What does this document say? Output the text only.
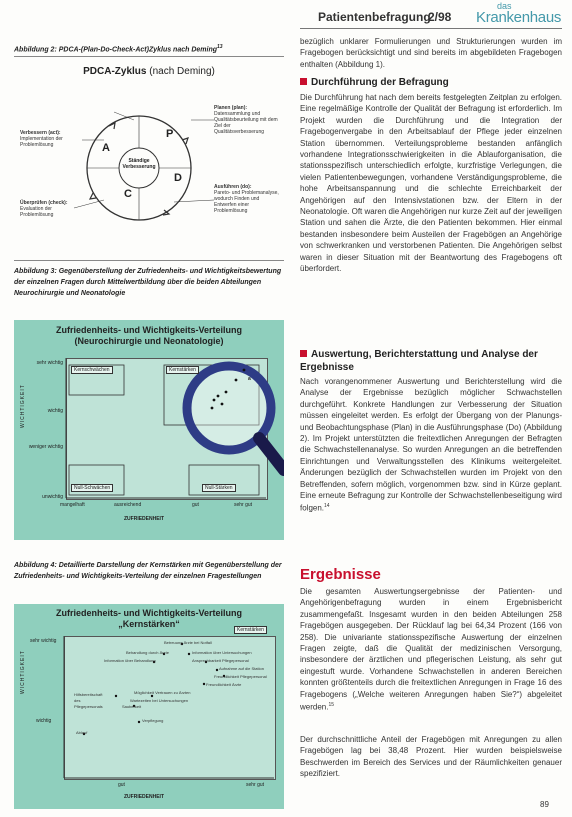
Patientenbefragung
2/98
das
Krankenhaus
Abbildung 2: PDCA-(Plan-Do-Check-Act)Zyklus nach Deming$^{13}$
PDCA-Zyklus (nach Deming)
Ständige Verbesserung
P
D
C
A
Planen (plan):
Datensammlung und Qualitätsbeurteilung mit dem Ziel der Qualitätsverbesserung
Verbessern (act):
Implementation der Problemlösung
Ausführen (do):
Pareto- und Problemanalyse, wodurch Finden und Entwerfen einer Problemlösung
Überprüfen (check):
Evaluation der Problemlösung
Abbildung 3: Gegenüberstellung der Zufriedenheits- und Wichtigkeitsbewertung der einzelnen Fragen durch Mittelwertbildung über die beiden Abteilungen Neurochirurgie und Neonatologie
Zufriedenheits- und Wichtigkeits-Verteilung
(Neurochirurgie und Neonatologie)
sehr wichtig
wichtig
weniger wichtig
unwichtig
WICHTIGKEIT
mangelhaft	ausreichend	gut	sehr gut
ZUFRIEDENHEIT
Kernschwächen	Kernstärken
Null-Schwächen	Null-Stärken
a
Abbildung 4: Detaillierte Darstellung der Kernstärken mit Gegenüberstellung der Zufriedenheits- und Wichtigkeits-Verteilung der einzelnen Fragestellungen
Zufriedenheits- und Wichtigkeits-Verteilung
„Kernstärken“
Kernstärken
sehr wichtig
wichtig
WICHTIGKEIT
gut	sehr gut
ZUFRIEDENHEIT
Betreuung Ärzte bei Notfall
Behandlung durch Ärzte	Information über Untersuchungen
Information über Behandlung	Ansprechbarkeit Pflegepersonal
Aufnahme auf die Station
Freundlichkeit Pflegepersonal
Freundlichkeit Ärzte
Möglichkeit Vertrauen zu Ärzten
Wartezeiten bei Untersuchungen
Hilfsbereitschaft des Pflegepersonals	Sauberkeit
Verpflegung
Ablauf
bezüglich unklarer Formulierungen und Strukturierungen wurden im Fragebogen berücksichtigt und sind bereits im abgebildeten Fragebogen enthalten (Abbildung 1).
Durchführung der Befragung
Die Durchführung hat nach dem bereits festgelegten Zeitplan zu erfolgen. Eine regelmäßige Kontrolle der Qualität der Befragung ist erforderlich. Im Projekt wurden die Durchführung und die Integration der Fragebogenvergabe in den Arbeitsablauf der Pflege jeder einzelnen Station übernommen. Verteilungsprobleme bestanden anfänglich vorhandene Integrationsschwierigkeiten in die Ablauforganisation, die stationsspezifisch unterschiedlich erfolgte, kurzfristige Verlegungen, die vielen Patientenbewegungen, vorhandene Verständigungsprobleme, die hohe Arbeitsanspannung und die schlechte Erreichbarkeit der Angehörigen auf den Intensivstationen bzw. der Eltern in der Neonatologie. Oft waren die Angehörigen nur kurze Zeit auf der jeweiligen Station und sahen die Ärzte, die den Patienten bekommen. Hier einmal bestanden insbesondere beim Austeilen der Fragebögen an Angehörige von schwerkranken und verstorbenen Patienten. Die Angehörigen selbst waren in dieser Situation mit der Beantwortung des Fragebogens oft überfordert.
Auswertung, Berichterstattung und Analyse der Ergebnisse
Nach vorangenommener Auswertung und Berichterstellung wird die Analyse der Ergebnisse bezüglich möglicher Schwachstellen durchgeführt. Konkrete Handlungen zur Verbesserung der Situation müssen eingeleitet werden. Es erfolgt der Übergang von der Planungs- und Beobachtungsphase (Plan) in die Ausführungsphase (Do) (Abbildung 2). Im Projekt unterstützten die freitextlichen Anregungen der Befragten die Schwachstellenanalyse. So wurden Anregungen an die betreffenden Einrichtungen und Verwaltungsstellen des Klinikums weitergeleitet. Änderungen bezüglich der Schwachstellen wurden im Projekt von den Betreffenden, sofern möglich, vorgenommen bzw. sind in Kürze geplant. Eine erneute Befragung zur Kontrolle der Schwachstellenbeseitigung wird folgen.$^{14}$
Ergebnisse
Die gesamten Auswertungsergebnisse der Patienten- und Angehörigenbefragung wurden in einem Ergebnisbericht zusammengefaßt. Insgesamt wurden in den beiden Abteilungen 258 Fragebögen ausgegeben. Der Rücklauf lag bei 64,34 Prozent (166 von 258). Die univariante stationsspezifische Auswertung der einzelnen Fragen zeigte, daß die Qualität der medizinischen Versorgung, insbesondere der ärztlichen und pflegerischen Leistung, als sehr gut eingestuft wurde. Vorhandene Schwachstellen in anderen Bereichen konnten größtenteils durch die freitextlichen Anregungen in Frage 16 des Fragebogens („Welche weiteren Anregungen haben Sie?“) abgeleitet werden.$^{15}$
Der durchschnittliche Anteil der Fragebögen mit Anregungen zu allen Fragebögen lag bei 38,48 Prozent. Hier wurden beispielsweise Beschwerden im Bereich des Services und der Räumlichkeiten genauer spezifiziert.
89
